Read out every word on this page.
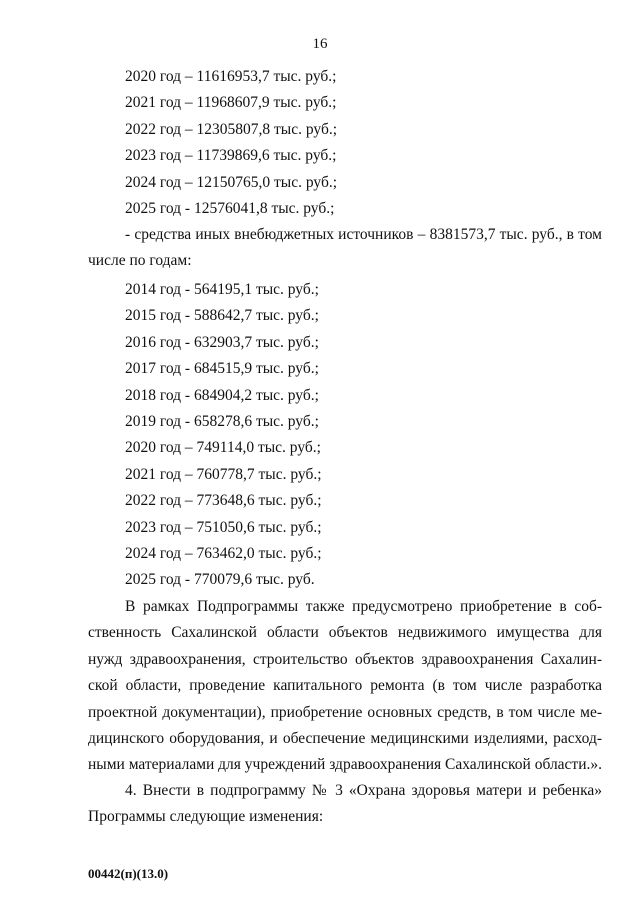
16
2020 год – 11616953,7 тыс. руб.;
2021 год – 11968607,9 тыс. руб.;
2022 год – 12305807,8 тыс. руб.;
2023 год – 11739869,6 тыс. руб.;
2024 год – 12150765,0 тыс. руб.;
2025 год - 12576041,8 тыс. руб.;
- средства иных внебюджетных источников – 8381573,7 тыс. руб., в том
числе по годам:
2014 год - 564195,1 тыс. руб.;
2015 год - 588642,7 тыс. руб.;
2016 год - 632903,7 тыс. руб.;
2017 год - 684515,9 тыс. руб.;
2018 год - 684904,2 тыс. руб.;
2019 год - 658278,6 тыс. руб.;
2020 год – 749114,0 тыс. руб.;
2021 год – 760778,7 тыс. руб.;
2022 год – 773648,6 тыс. руб.;
2023 год – 751050,6 тыс. руб.;
2024 год – 763462,0 тыс. руб.;
2025 год - 770079,6 тыс. руб.
В рамках Подпрограммы также предусмотрено приобретение в соб-
ственность Сахалинской области объектов недвижимого имущества для
нужд здравоохранения, строительство объектов здравоохранения Сахалин-
ской области, проведение капитального ремонта (в том числе разработка
проектной документации), приобретение основных средств, в том числе ме-
дицинского оборудования, и обеспечение медицинскими изделиями, расход-
ными материалами для учреждений здравоохранения Сахалинской области.».
4. Внести в подпрограмму № 3 «Охрана здоровья матери и ребенка»
Программы следующие изменения:
00442(п)(13.0)
